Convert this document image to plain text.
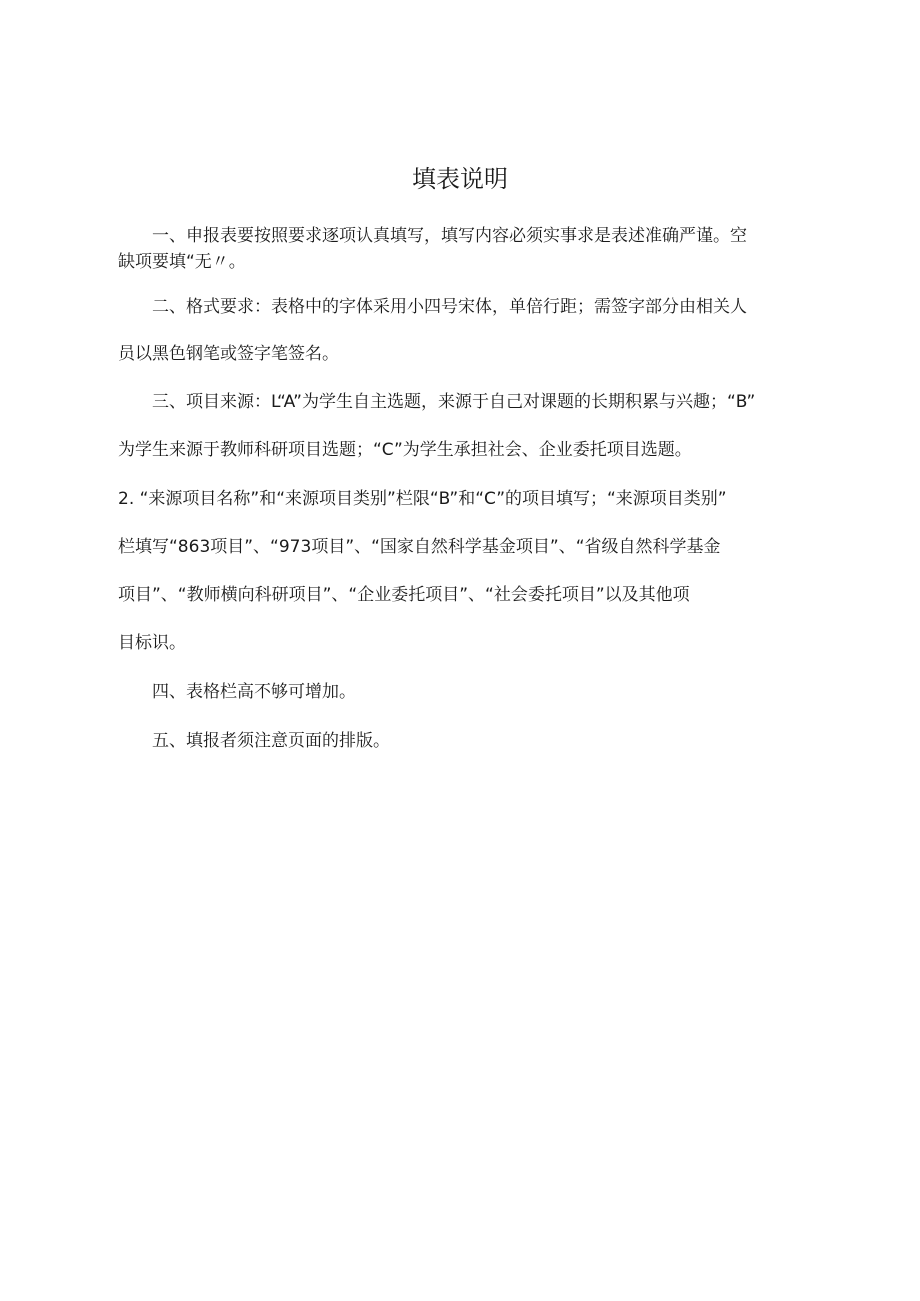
填表说明
一、申报表要按照要求逐项认真填写，填写内容必须实事求是表述准确严谨。空
缺项要填“无〃。
二、格式要求：表格中的字体采用小四号宋体，单倍行距；需签字部分由相关人
员以黑色钢笔或签字笔签名。
三、项目来源：L“A”为学生自主选题，来源于自己对课题的长期积累与兴趣；“B”
为学生来源于教师科研项目选题；“C”为学生承担社会、企业委托项目选题。
2. “来源项目名称”和“来源项目类别”栏限“B”和“C”的项目填写；“来源项目类别”
栏填写“863项目”、“973项目”、“国家自然科学基金项目”、“省级自然科学基金
项目”、“教师横向科研项目”、“企业委托项目”、“社会委托项目”以及其他项
目标识。
四、表格栏高不够可增加。
五、填报者须注意页面的排版。
